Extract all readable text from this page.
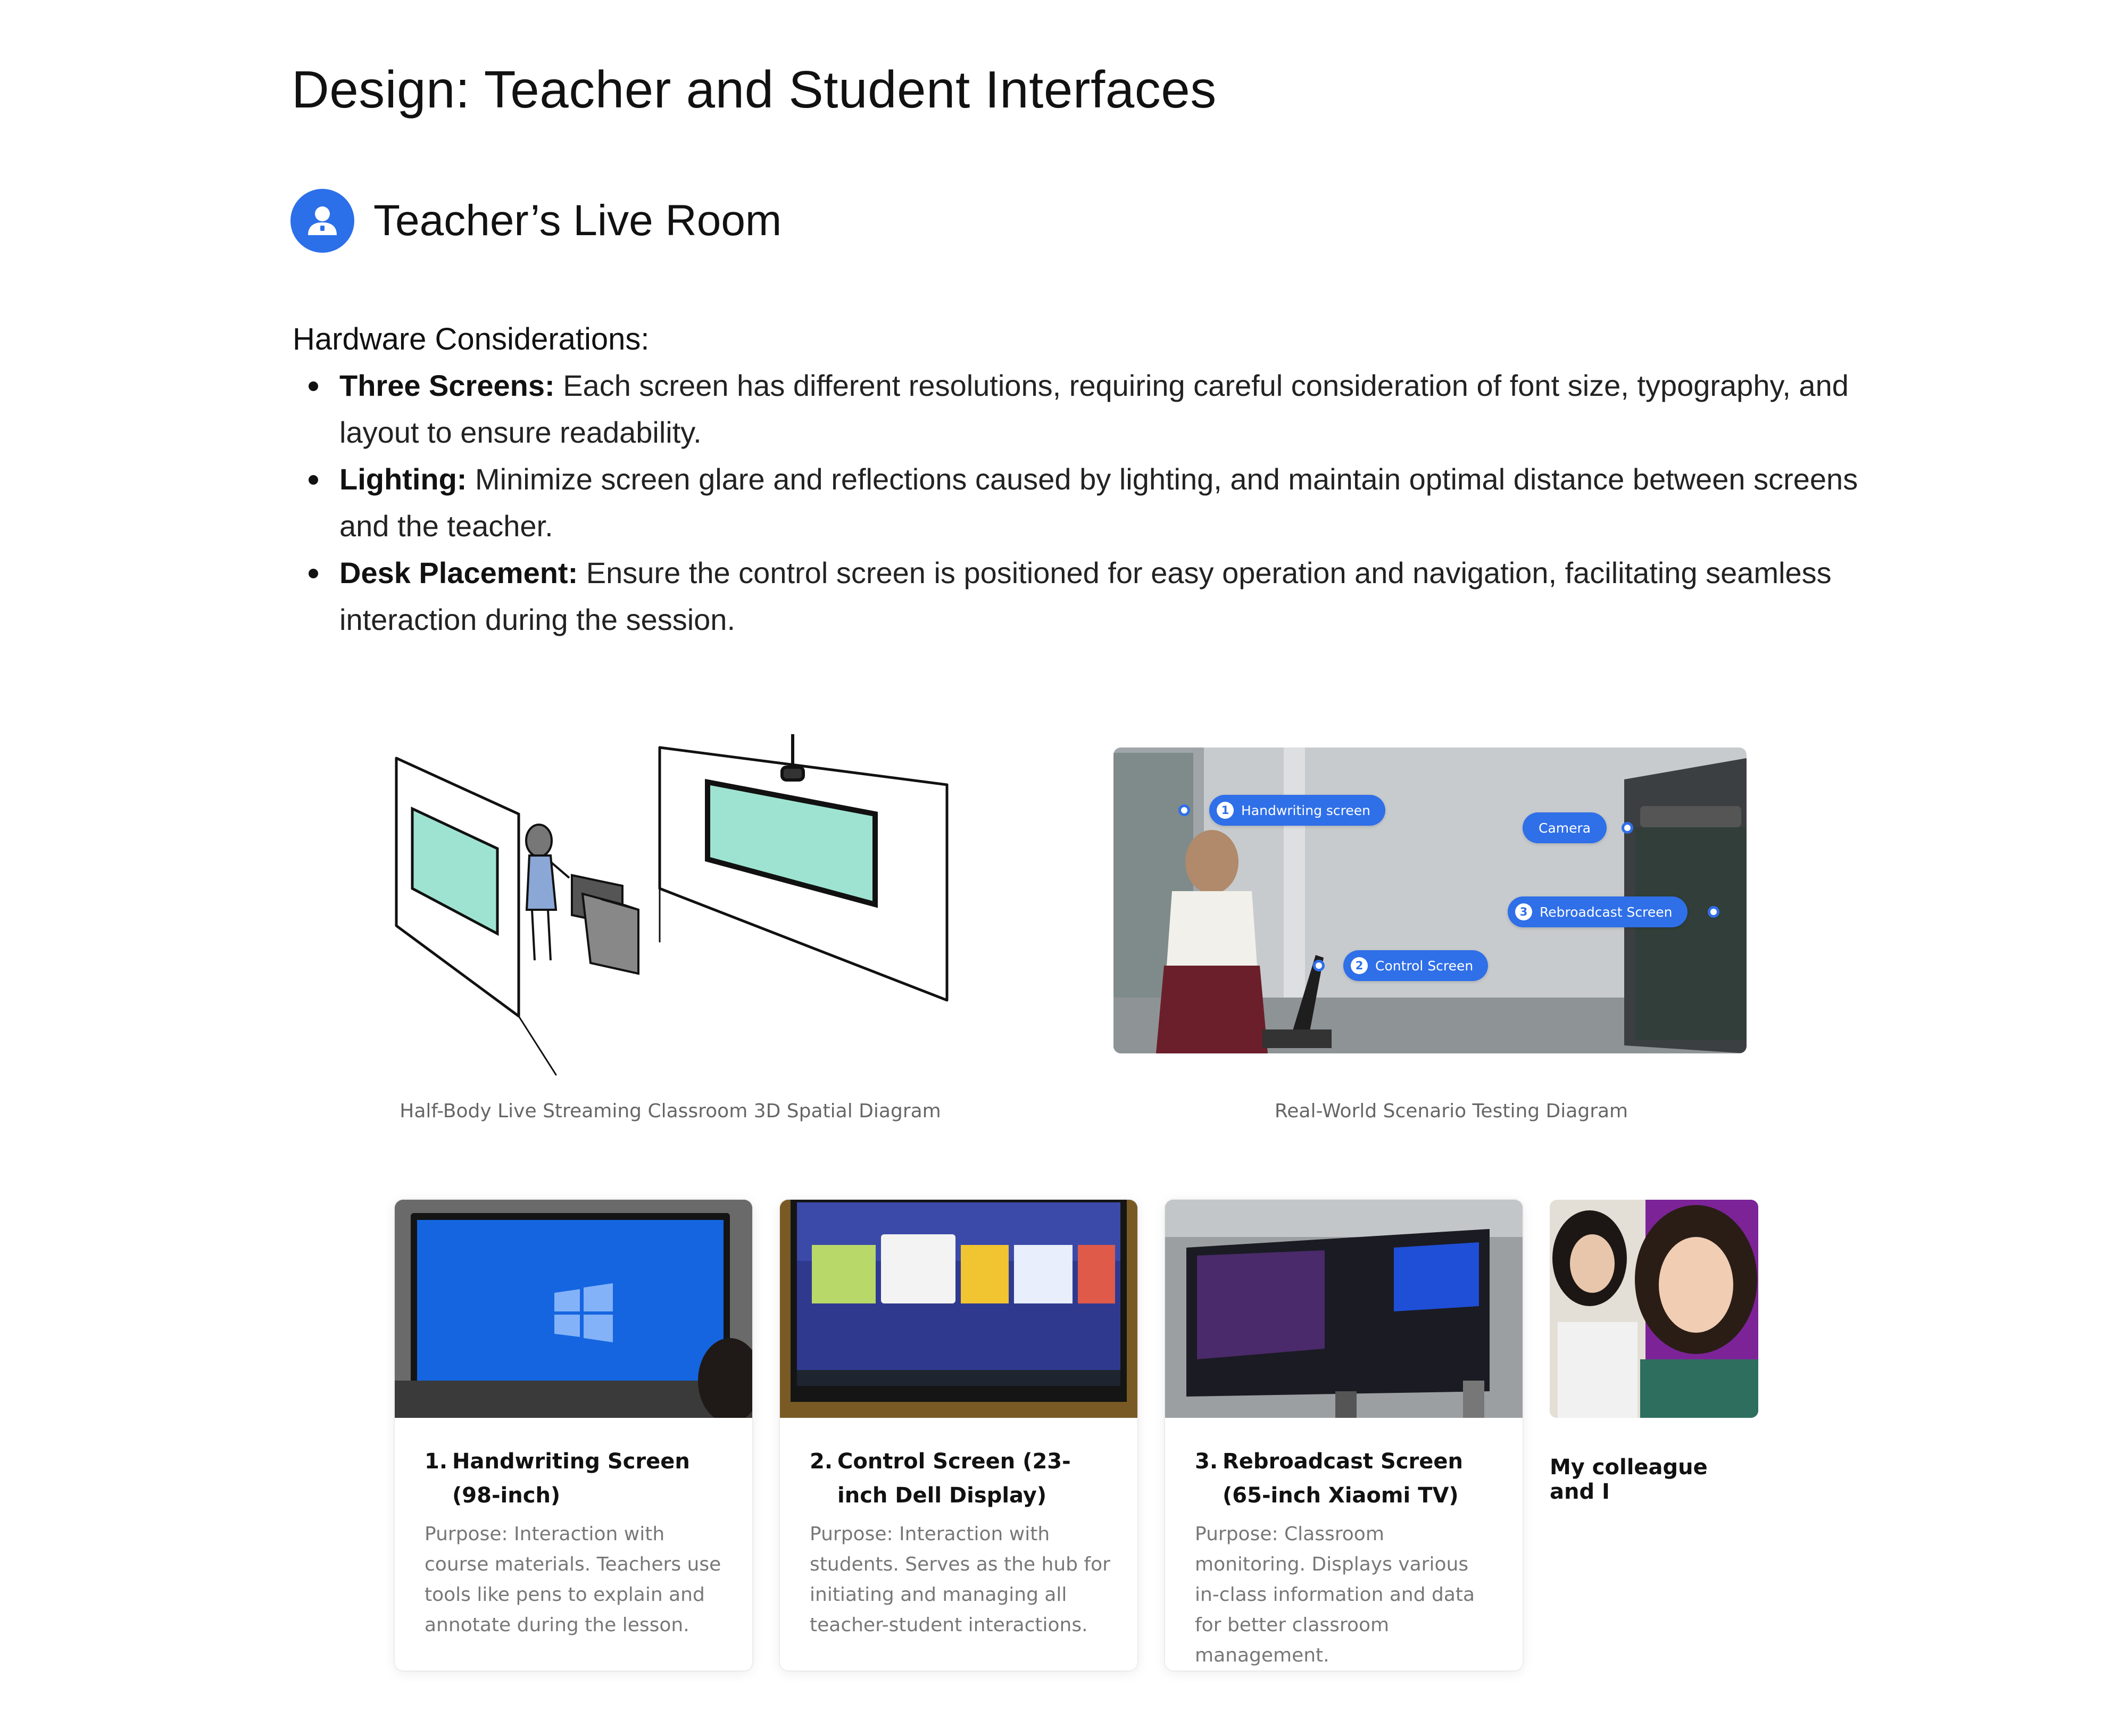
Design: Teacher and Student Interfaces
Teacher’s Live Room
Hardware Considerations:
Three Screens: Each screen has different resolutions, requiring careful consideration of font size, typography, and layout to ensure readability.
Lighting: Minimize screen glare and reflections caused by lighting, and maintain optimal distance between screens and the teacher.
Desk Placement: Ensure the control screen is positioned for easy operation and navigation, facilitating seamless interaction during the session.
Half-Body Live Streaming Classroom 3D Spatial Diagram
1 Handwriting screen
Camera
3 Rebroadcast Screen
2 Control Screen
Real-World Scenario Testing Diagram
1. Handwriting Screen (98-inch)
Purpose: Interaction with course materials. Teachers use tools like pens to explain and annotate during the lesson.
2. Control Screen (23-inch Dell Display)
Purpose: Interaction with students. Serves as the hub for initiating and managing all teacher-student interactions.
3. Rebroadcast Screen (65-inch Xiaomi TV)
Purpose: Classroom monitoring. Displays various in-class information and data for better classroom management.
My colleague and I
